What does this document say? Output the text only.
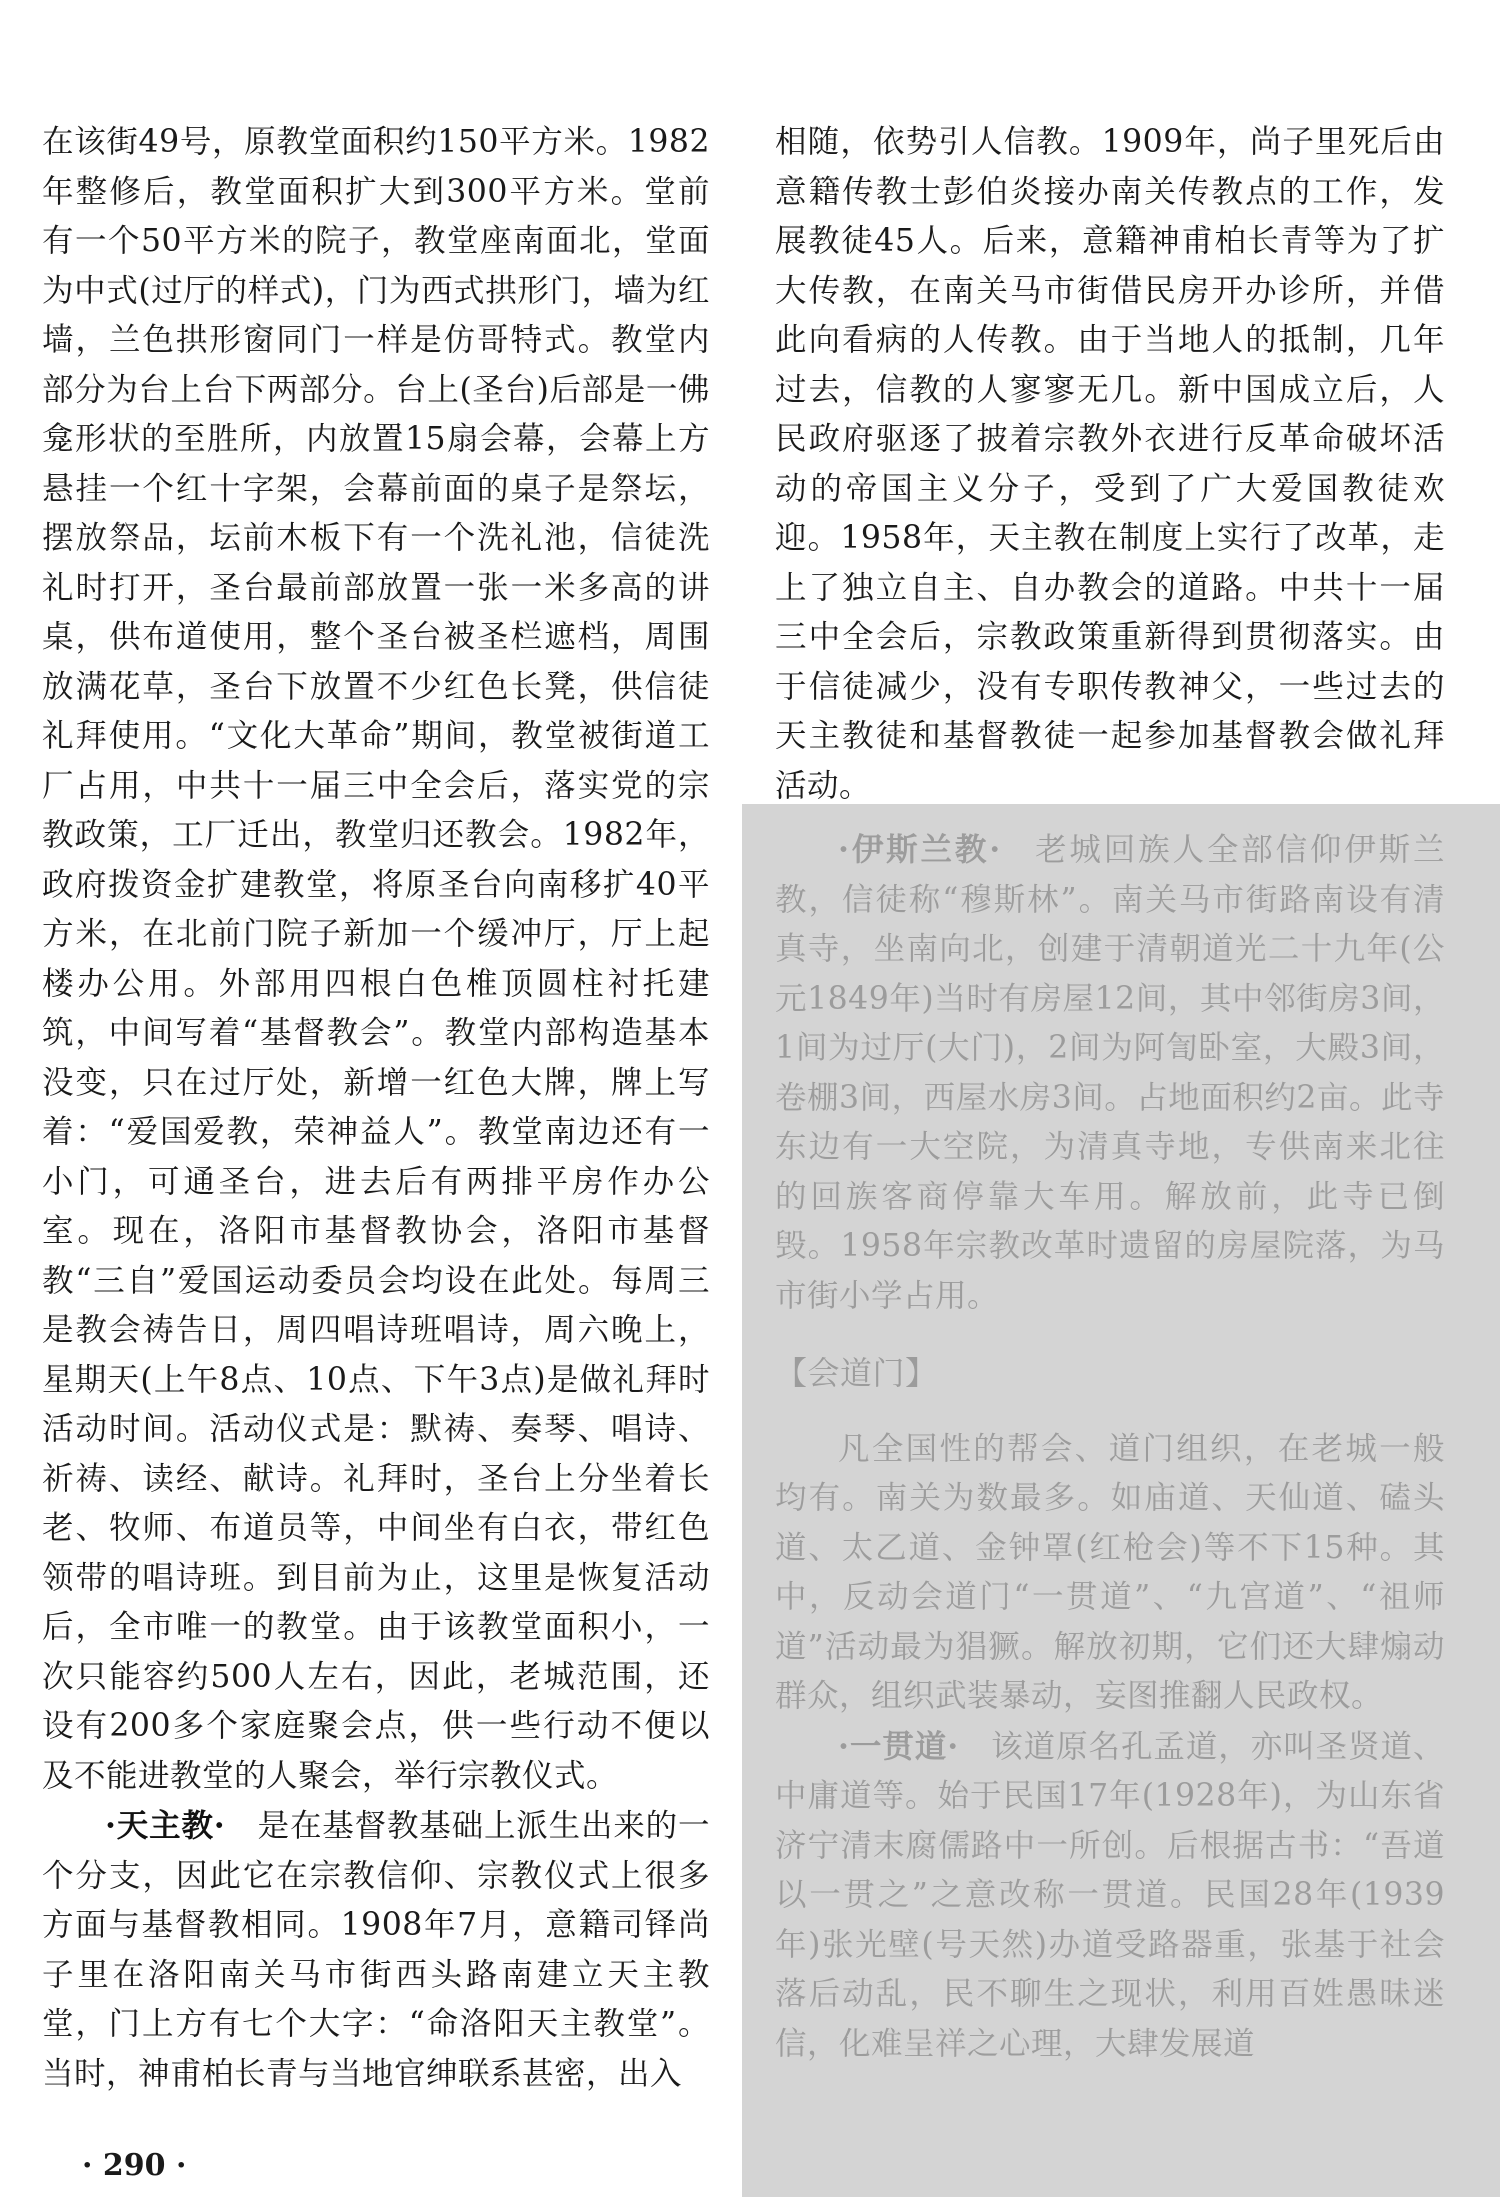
在该街49号，原教堂面积约150平方米。1982年整修后，教堂面积扩大到300平方米。堂前有一个50平方米的院子，教堂座南面北，堂面为中式(过厅的样式)，门为西式拱形门，墙为红墙，兰色拱形窗同门一样是仿哥特式。教堂内部分为台上台下两部分。台上(圣台)后部是一佛龛形状的至胜所，内放置15扇会幕，会幕上方悬挂一个红十字架，会幕前面的桌子是祭坛，摆放祭品，坛前木板下有一个洗礼池，信徒洗礼时打开，圣台最前部放置一张一米多高的讲桌，供布道使用，整个圣台被圣栏遮档，周围放满花草，圣台下放置不少红色长凳，供信徒礼拜使用。“文化大革命”期间，教堂被街道工厂占用，中共十一届三中全会后，落实党的宗教政策，工厂迁出，教堂归还教会。1982年，政府拨资金扩建教堂，将原圣台向南移扩40平方米，在北前门院子新加一个缓冲厅，厅上起楼办公用。外部用四根白色椎顶圆柱衬托建筑，中间写着“基督教会”。教堂内部构造基本没变，只在过厅处，新增一红色大牌，牌上写着：“爱国爱教，荣神益人”。教堂南边还有一小门，可通圣台，进去后有两排平房作办公室。现在，洛阳市基督教协会，洛阳市基督教“三自”爱国运动委员会均设在此处。每周三是教会祷告日，周四唱诗班唱诗，周六晚上，星期天(上午8点、10点、下午3点)是做礼拜时活动时间。活动仪式是：默祷、奏琴、唱诗、祈祷、读经、献诗。礼拜时，圣台上分坐着长老、牧师、布道员等，中间坐有白衣，带红色领带的唱诗班。到目前为止，这里是恢复活动后，全市唯一的教堂。由于该教堂面积小，一次只能容约500人左右，因此，老城范围，还设有200多个家庭聚会点，供一些行动不便以及不能进教堂的人聚会，举行宗教仪式。

·天主教·  是在基督教基础上派生出来的一个分支，因此它在宗教信仰、宗教仪式上很多方面与基督教相同。1908年7月，意籍司铎尚子里在洛阳南关马市街西头路南建立天主教堂，门上方有七个大字：“命洛阳天主教堂”。当时，神甫柏长青与当地官绅联系甚密，出入

相随，依势引人信教。1909年，尚子里死后由意籍传教士彭伯炎接办南关传教点的工作，发展教徒45人。后来，意籍神甫柏长青等为了扩大传教，在南关马市街借民房开办诊所，并借此向看病的人传教。由于当地人的抵制，几年过去，信教的人寥寥无几。新中国成立后，人民政府驱逐了披着宗教外衣进行反革命破坏活动的帝国主义分子，受到了广大爱国教徒欢迎。1958年，天主教在制度上实行了改革，走上了独立自主、自办教会的道路。中共十一届三中全会后，宗教政策重新得到贯彻落实。由于信徒减少，没有专职传教神父，一些过去的天主教徒和基督教徒一起参加基督教会做礼拜活动。

·伊斯兰教·  老城回族人全部信仰伊斯兰教，信徒称“穆斯林”。南关马市街路南设有清真寺，坐南向北，创建于清朝道光二十九年(公元1849年)当时有房屋12间，其中邻街房3间，1间为过厅(大门)，2间为阿訇卧室，大殿3间，卷棚3间，西屋水房3间。占地面积约2亩。此寺东边有一大空院，为清真寺地，专供南来北往的回族客商停靠大车用。解放前，此寺已倒毁。1958年宗教改革时遗留的房屋院落，为马市街小学占用。

【会道门】

凡全国性的帮会、道门组织，在老城一般均有。南关为数最多。如庙道、天仙道、磕头道、太乙道、金钟罩(红枪会)等不下15种。其中，反动会道门“一贯道”、“九宫道”、“祖师道”活动最为猖獗。解放初期，它们还大肆煽动群众，组织武装暴动，妄图推翻人民政权。

·一贯道·  该道原名孔孟道，亦叫圣贤道、中庸道等。始于民国17年(1928年)，为山东省济宁清末腐儒路中一所创。后根据古书：“吾道以一贯之”之意改称一贯道。民国28年(1939年)张光壁(号天然)办道受路器重，张基于社会落后动乱，民不聊生之现状，利用百姓愚昧迷信，化难呈祥之心理，大肆发展道

· 290 ·
